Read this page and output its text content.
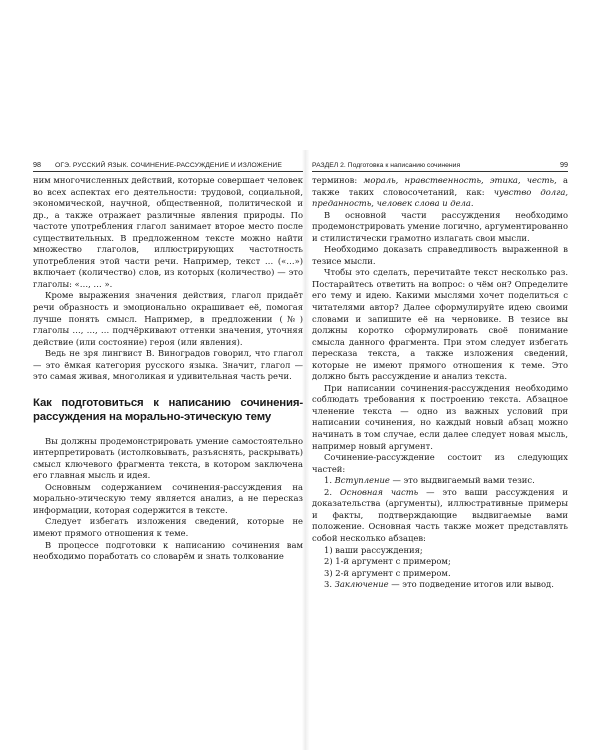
98 ОГЭ. РУССКИЙ ЯЗЫК. СОЧИНЕНИЕ-РАССУЖДЕНИЕ И ИЗЛОЖЕНИЕ

ним многочисленных действий, которые совершает человек во всех аспектах его деятельности: трудовой, социальной, экономической, научной, общественной, политической и др., а также отражает различные явления природы. По частоте употребления глагол занимает второе место после существительных. В предложенном тексте можно найти множество глаголов, иллюстрирующих частотность употребления этой части речи. Например, текст … («…») включает (количество) слов, из которых (количество) — это глаголы: «…, … ».

Кроме выражения значения действия, глагол придаёт речи образность и эмоционально окрашивает её, помогая лучше понять смысл. Например, в предложении (№) глаголы …, …, … подчёркивают оттенки значения, уточняя действие (или состояние) героя (или явления).

Ведь не зря лингвист В. Виноградов говорил, что глагол — это ёмкая категория русского языка. Значит, глагол — это самая живая, многоликая и удивительная часть речи.

Как подготовиться к написанию сочинения-рассуждения на морально-этическую тему

Вы должны продемонстрировать умение самостоятельно интерпретировать (истолковывать, разъяснять, раскрывать) смысл ключевого фрагмента текста, в котором заключена его главная мысль и идея.

Основным содержанием сочинения-рассуждения на морально-этическую тему является анализ, а не пересказ информации, которая содержится в тексте.

Следует избегать изложения сведений, которые не имеют прямого отношения к теме.

В процессе подготовки к написанию сочинения вам необходимо поработать со словарём и знать толкование

РАЗДЕЛ 2. Подготовка к написанию сочинения	99

терминов: мораль, нравственность, этика, честь, а также таких словосочетаний, как: чувство долга, преданность, человек слова и дела.

В основной части рассуждения необходимо продемонстрировать умение логично, аргументированно и стилистически грамотно излагать свои мысли.

Необходимо доказать справедливость выраженной в тезисе мысли.

Чтобы это сделать, перечитайте текст несколько раз. Постарайтесь ответить на вопрос: о чём он? Определите его тему и идею. Какими мыслями хочет поделиться с читателями автор? Далее сформулируйте идею своими словами и запишите её на черновике. В тезисе вы должны коротко сформулировать своё понимание смысла данного фрагмента. При этом следует избегать пересказа текста, а также изложения сведений, которые не имеют прямого отношения к теме. Это должно быть рассуждение и анализ текста.

При написании сочинения-рассуждения необходимо соблюдать требования к построению текста. Абзацное членение текста — одно из важных условий при написании сочинения, но каждый новый абзац можно начинать в том случае, если далее следует новая мысль, например новый аргумент.

Сочинение-рассуждение состоит из следующих частей:

1. Вступление — это выдвигаемый вами тезис.

2. Основная часть — это ваши рассуждения и доказательства (аргументы), иллюстративные примеры и факты, подтверждающие выдвигаемые вами положение. Основная часть также может представлять собой несколько абзацев:

1) ваши рассуждения;

2) 1-й аргумент с примером;

3) 2-й аргумент с примером.

3. Заключение — это подведение итогов или вывод.
